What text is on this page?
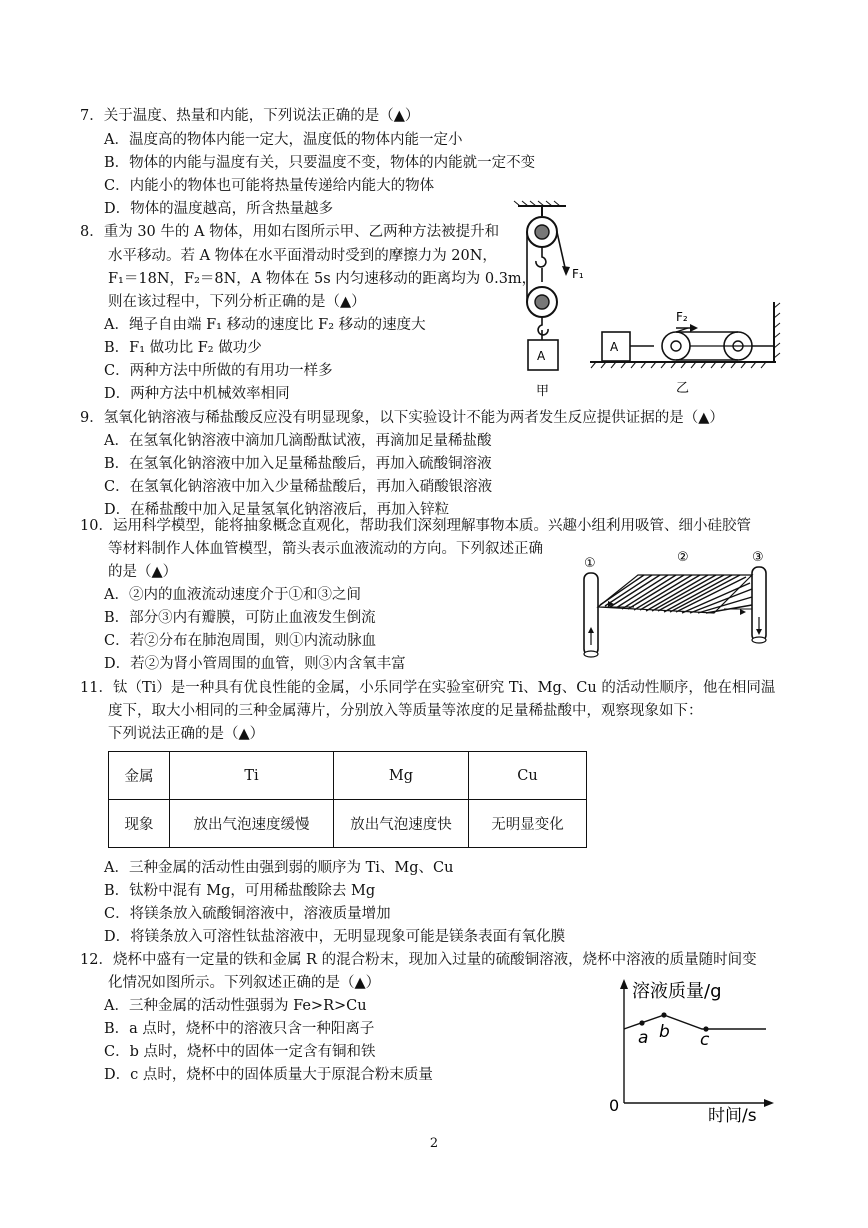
7．关于温度、热量和内能，下列说法正确的是（▲）
A．温度高的物体内能一定大，温度低的物体内能一定小
B．物体的内能与温度有关，只要温度不变，物体的内能就一定不变
C．内能小的物体也可能将热量传递给内能大的物体
D．物体的温度越高，所含热量越多
8．重为 30 牛的 A 物体，用如右图所示甲、乙两种方法被提升和
水平移动。若 A 物体在水平面滑动时受到的摩擦力为 20N，
F₁＝18N，F₂＝8N，A 物体在 5s 内匀速移动的距离均为 0.3m，
则在该过程中，下列分析正确的是（▲）
A．绳子自由端 F₁ 移动的速度比 F₂ 移动的速度大
B．F₁ 做功比 F₂ 做功少
C．两种方法中所做的有用功一样多
D．两种方法中机械效率相同
F₁
A
甲
A
F₂
乙
9．氢氧化钠溶液与稀盐酸反应没有明显现象，以下实验设计不能为两者发生反应提供证据的是（▲）
A．在氢氧化钠溶液中滴加几滴酚酞试液，再滴加足量稀盐酸
B．在氢氧化钠溶液中加入足量稀盐酸后，再加入硫酸铜溶液
C．在氢氧化钠溶液中加入少量稀盐酸后，再加入硝酸银溶液
D．在稀盐酸中加入足量氢氧化钠溶液后，再加入锌粒
10．运用科学模型，能将抽象概念直观化，帮助我们深刻理解事物本质。兴趣小组利用吸管、细小硅胶管
等材料制作人体血管模型，箭头表示血液流动的方向。下列叙述正确
的是（▲）
A．②内的血液流动速度介于①和③之间
B．部分③内有瓣膜，可防止血液发生倒流
C．若②分布在肺泡周围，则①内流动脉血
D．若②为肾小管周围的血管，则③内含氧丰富
①	②	③
11．钛（Ti）是一种具有优良性能的金属，小乐同学在实验室研究 Ti、Mg、Cu 的活动性顺序，他在相同温
度下，取大小相同的三种金属薄片，分别放入等质量等浓度的足量稀盐酸中，观察现象如下：
下列说法正确的是（▲）
金属	Ti	Mg	Cu
现象	放出气泡速度缓慢	放出气泡速度快	无明显变化
A．三种金属的活动性由强到弱的顺序为 Ti、Mg、Cu
B．钛粉中混有 Mg，可用稀盐酸除去 Mg
C．将镁条放入硫酸铜溶液中，溶液质量增加
D．将镁条放入可溶性钛盐溶液中，无明显现象可能是镁条表面有氧化膜
12．烧杯中盛有一定量的铁和金属 R 的混合粉末，现加入过量的硫酸铜溶液，烧杯中溶液的质量随时间变
化情况如图所示。下列叙述正确的是（▲）
A．三种金属的活动性强弱为 Fe>R>Cu
B．a 点时，烧杯中的溶液只含一种阳离子
C．b 点时，烧杯中的固体一定含有铜和铁
D．c 点时，烧杯中的固体质量大于原混合粉末质量
溶液质量/g
0
时间/s
a b c
2
